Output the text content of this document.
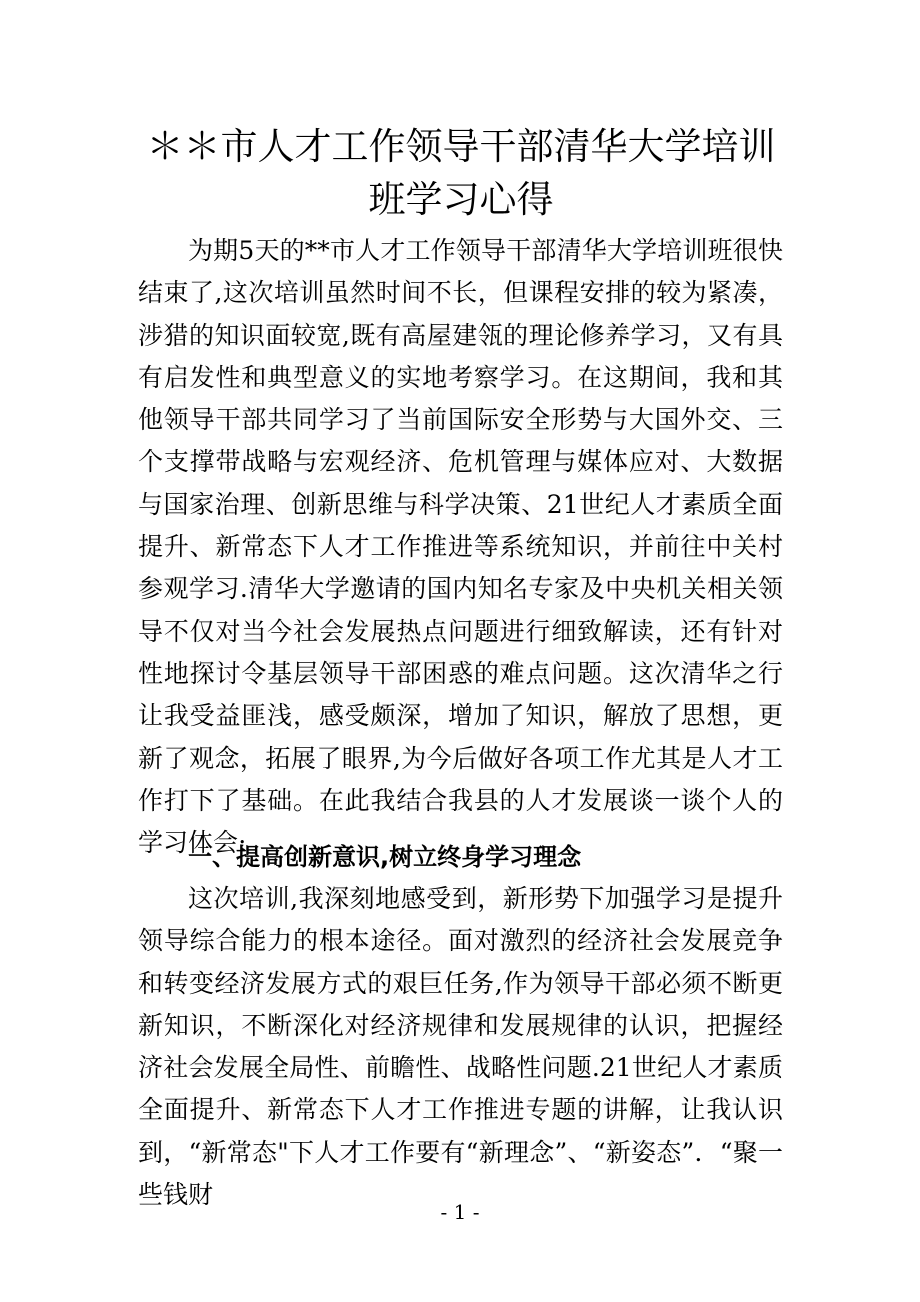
＊＊市人才工作领导干部清华大学培训班学习心得

为期5天的**市人才工作领导干部清华大学培训班很快结束了,这次培训虽然时间不长，但课程安排的较为紧凑，涉猎的知识面较宽,既有高屋建瓴的理论修养学习，又有具有启发性和典型意义的实地考察学习。在这期间，我和其他领导干部共同学习了当前国际安全形势与大国外交、三个支撑带战略与宏观经济、危机管理与媒体应对、大数据与国家治理、创新思维与科学决策、21世纪人才素质全面提升、新常态下人才工作推进等系统知识，并前往中关村参观学习.清华大学邀请的国内知名专家及中央机关相关领导不仅对当今社会发展热点问题进行细致解读，还有针对性地探讨令基层领导干部困惑的难点问题。这次清华之行让我受益匪浅，感受颇深，增加了知识，解放了思想，更新了观念，拓展了眼界,为今后做好各项工作尤其是人才工作打下了基础。在此我结合我县的人才发展谈一谈个人的学习体会:

一、提高创新意识,树立终身学习理念

这次培训,我深刻地感受到，新形势下加强学习是提升领导综合能力的根本途径。面对激烈的经济社会发展竞争和转变经济发展方式的艰巨任务,作为领导干部必须不断更新知识，不断深化对经济规律和发展规律的认识，把握经济社会发展全局性、前瞻性、战略性问题.21世纪人才素质全面提升、新常态下人才工作推进专题的讲解，让我认识到，“新常态"下人才工作要有“新理念”、“新姿态”．“聚一些钱财

- 1 -
